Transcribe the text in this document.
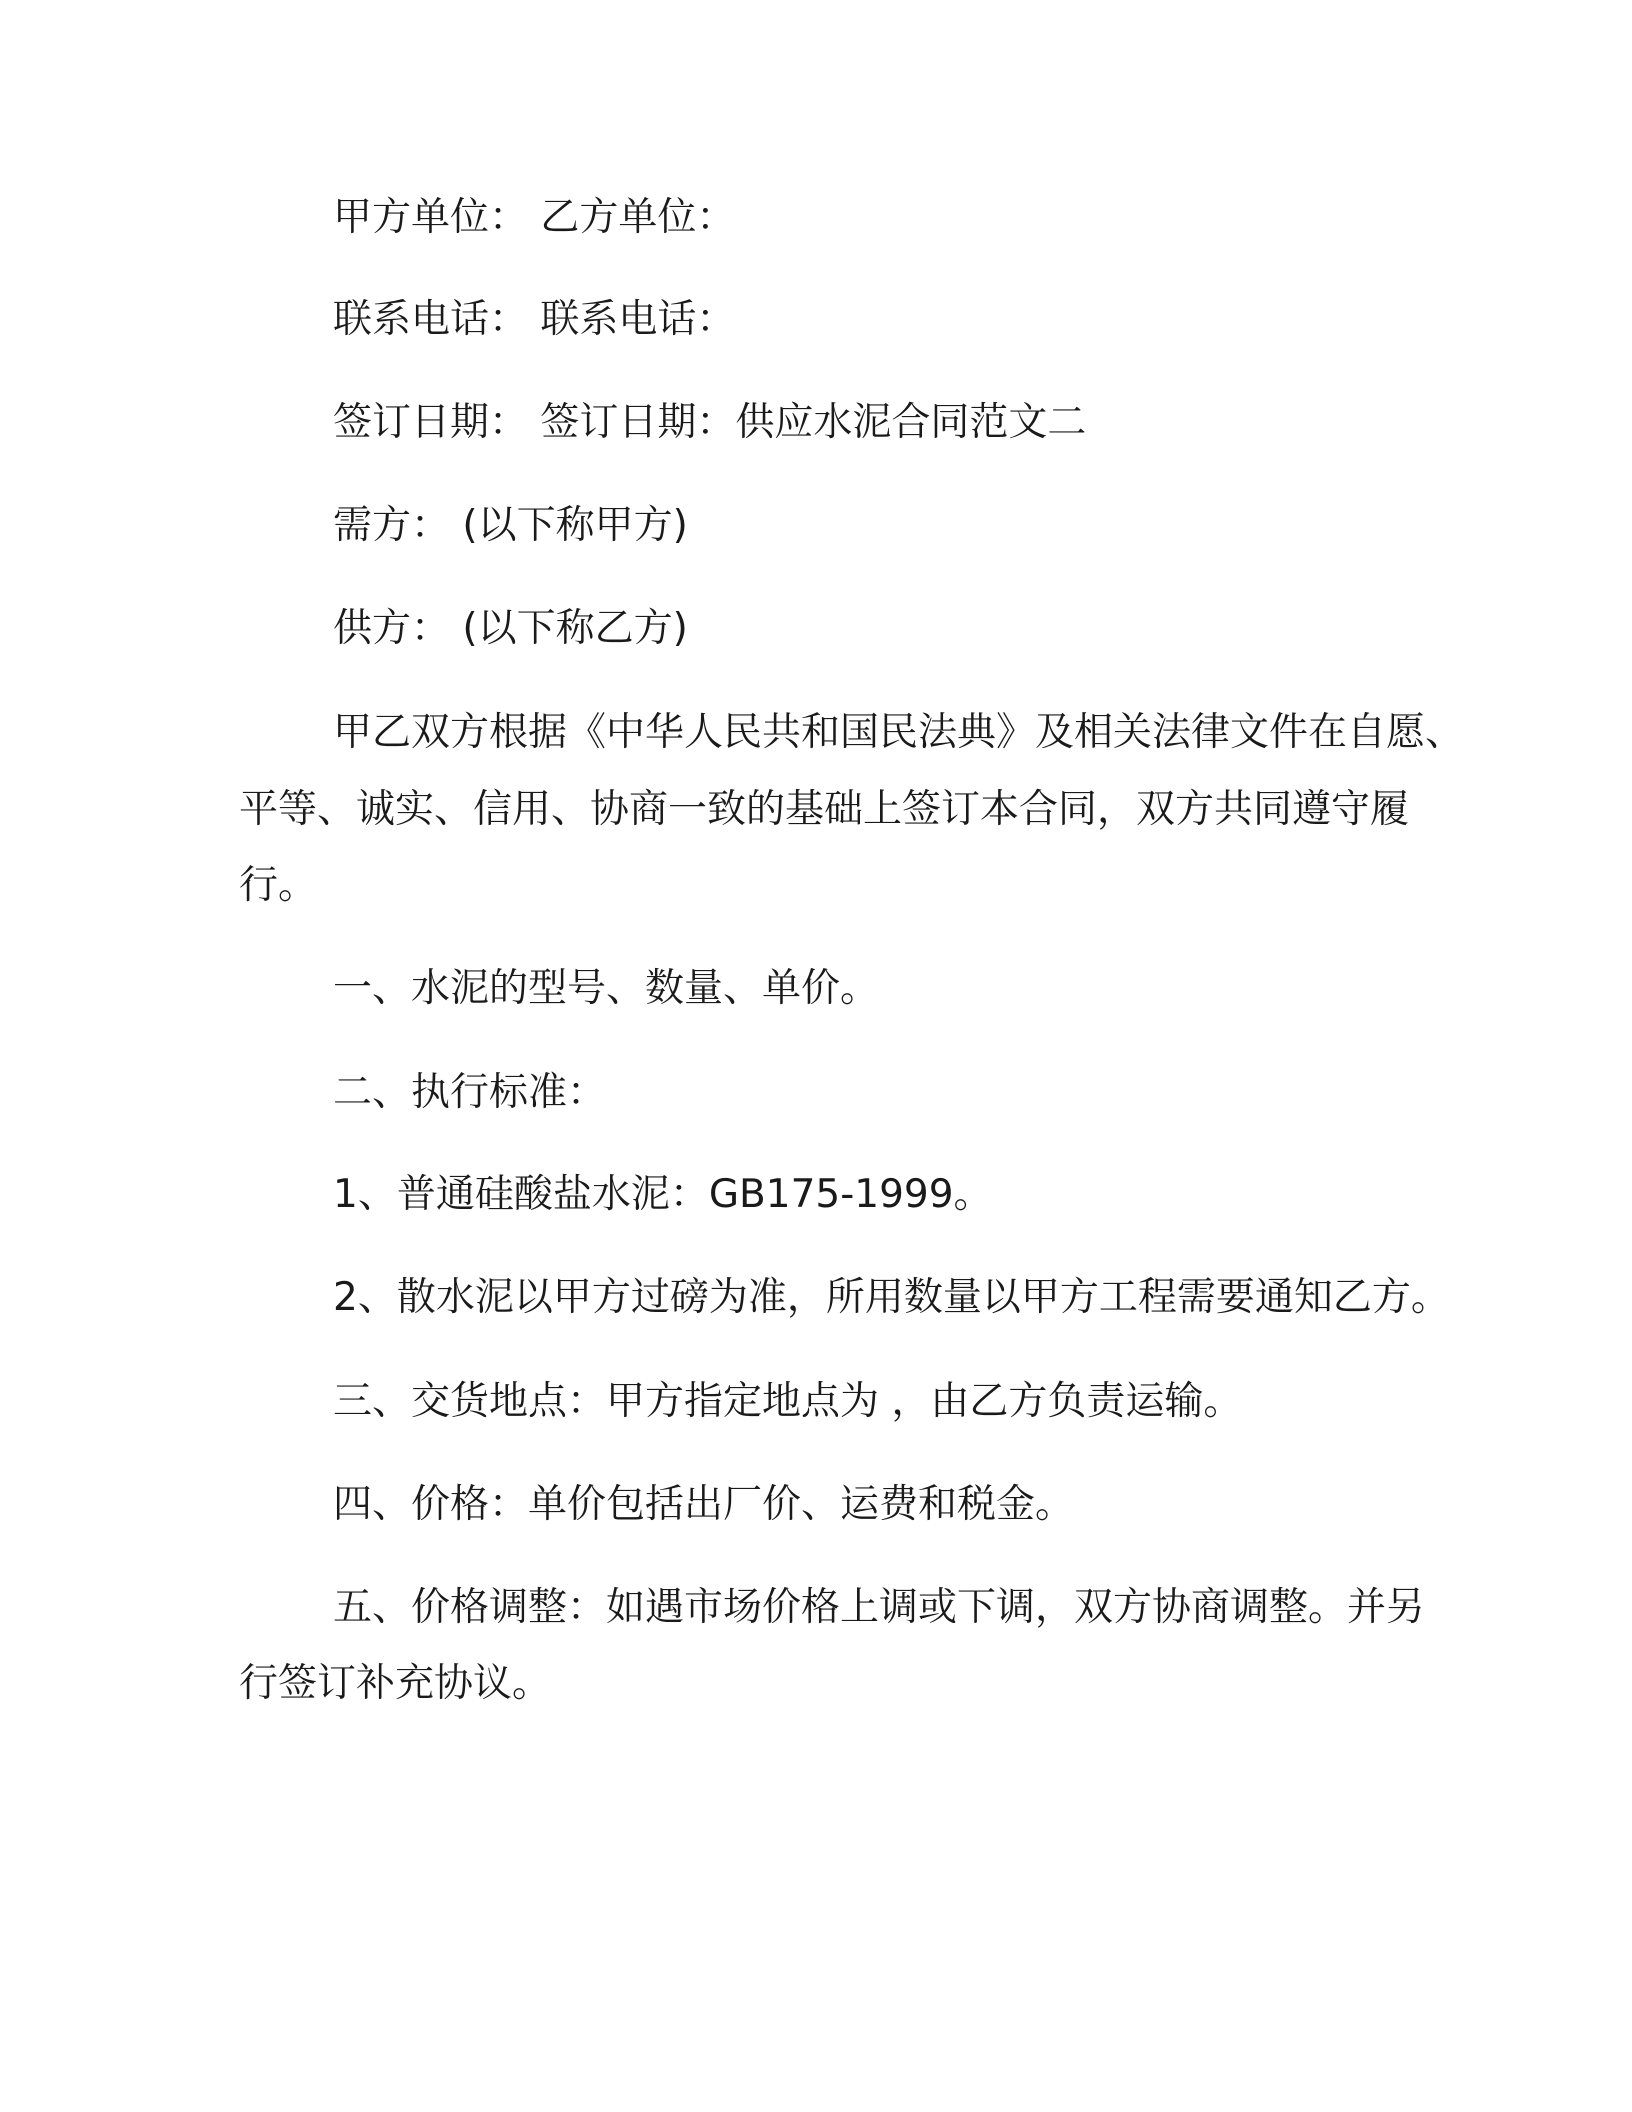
甲方单位： 乙方单位：
联系电话： 联系电话：
签订日期： 签订日期：供应水泥合同范文二
需方： (以下称甲方)
供方： (以下称乙方)
甲乙双方根据《中华人民共和国民法典》及相关法律文件在自愿、
平等、诚实、信用、协商一致的基础上签订本合同，双方共同遵守履
行。
一、水泥的型号、数量、单价。
二、执行标准：
1、普通硅酸盐水泥：GB175-1999。
2、散水泥以甲方过磅为准，所用数量以甲方工程需要通知乙方。
三、交货地点：甲方指定地点为 ，由乙方负责运输。
四、价格：单价包括出厂价、运费和税金。
五、价格调整：如遇市场价格上调或下调，双方协商调整。并另
行签订补充协议。
